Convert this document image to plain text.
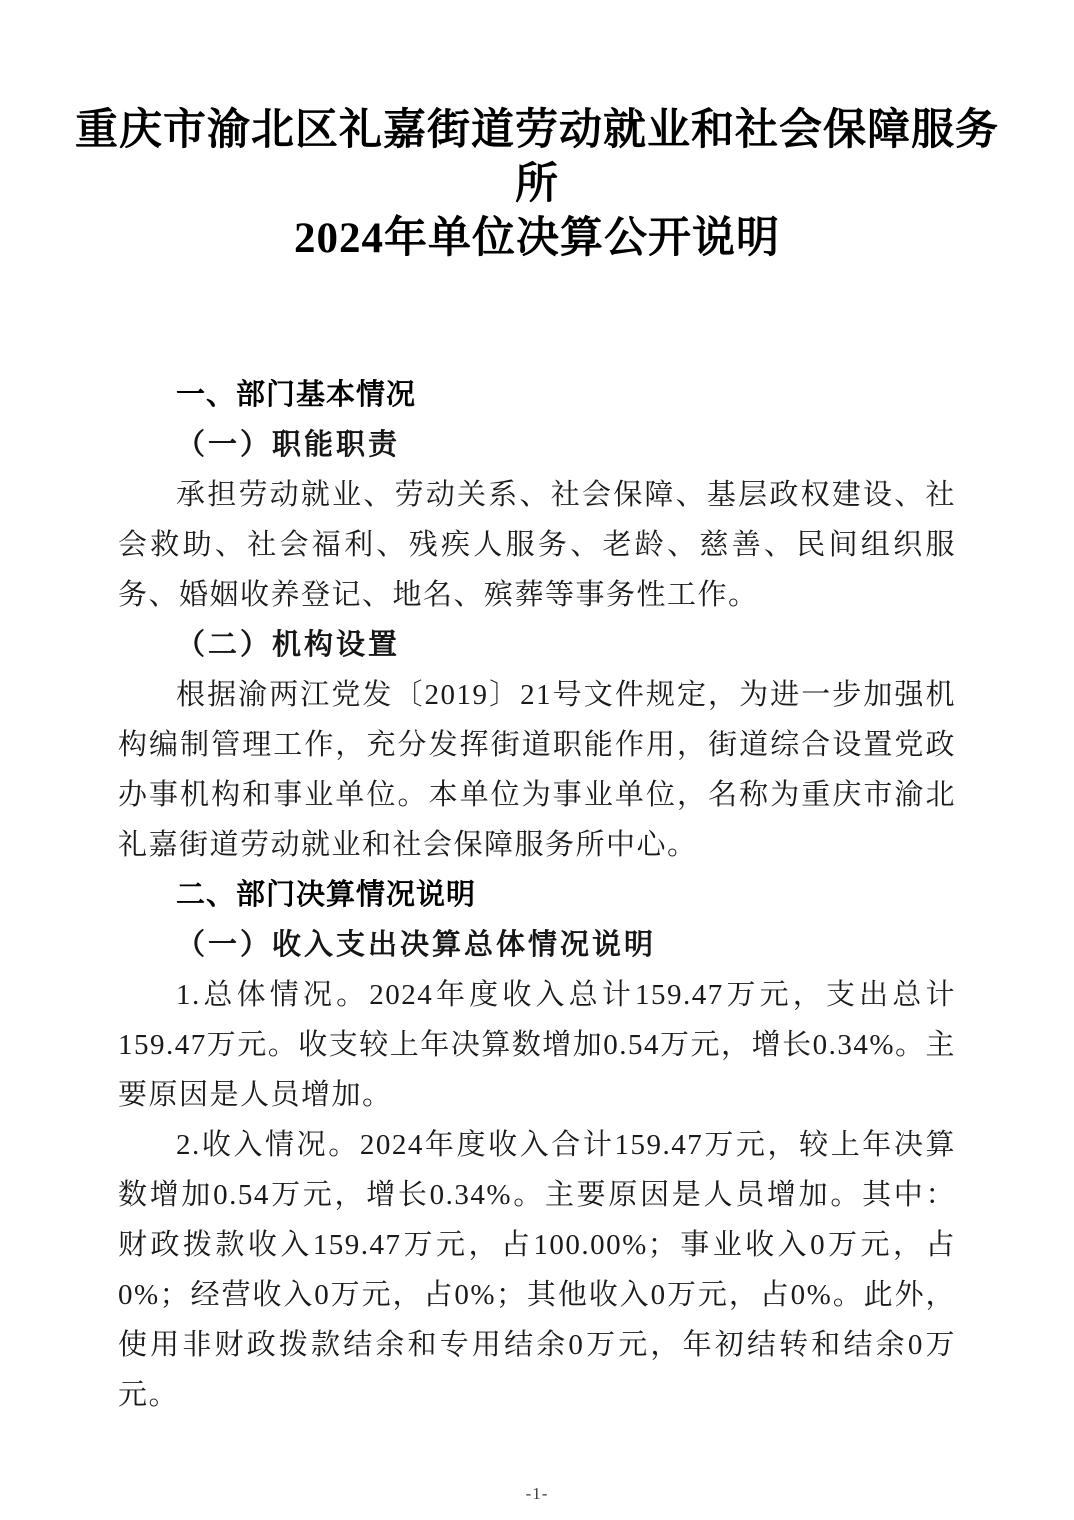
重庆市渝北区礼嘉街道劳动就业和社会保障服务
所
2024年单位决算公开说明
一、部门基本情况
（一）职能职责

承担劳动就业、劳动关系、社会保障、基层政权建设、社会救助、社会福利、残疾人服务、老龄、慈善、民间组织服务、婚姻收养登记、地名、殡葬等事务性工作。

（二）机构设置

根据渝两江党发〔2019〕21号文件规定，为进一步加强机构编制管理工作，充分发挥街道职能作用，街道综合设置党政办事机构和事业单位。本单位为事业单位，名称为重庆市渝北礼嘉街道劳动就业和社会保障服务所中心。

二、部门决算情况说明
（一）收入支出决算总体情况说明

1.总体情况。2024年度收入总计159.47万元，支出总计159.47万元。收支较上年决算数增加0.54万元，增长0.34%。主要原因是人员增加。

2.收入情况。2024年度收入合计159.47万元，较上年决算数增加0.54万元，增长0.34%。主要原因是人员增加。其中：财政拨款收入159.47万元，占100.00%；事业收入0万元，占0%；经营收入0万元，占0%；其他收入0万元，占0%。此外，使用非财政拨款结余和专用结余0万元，年初结转和结余0万元。

-1-
